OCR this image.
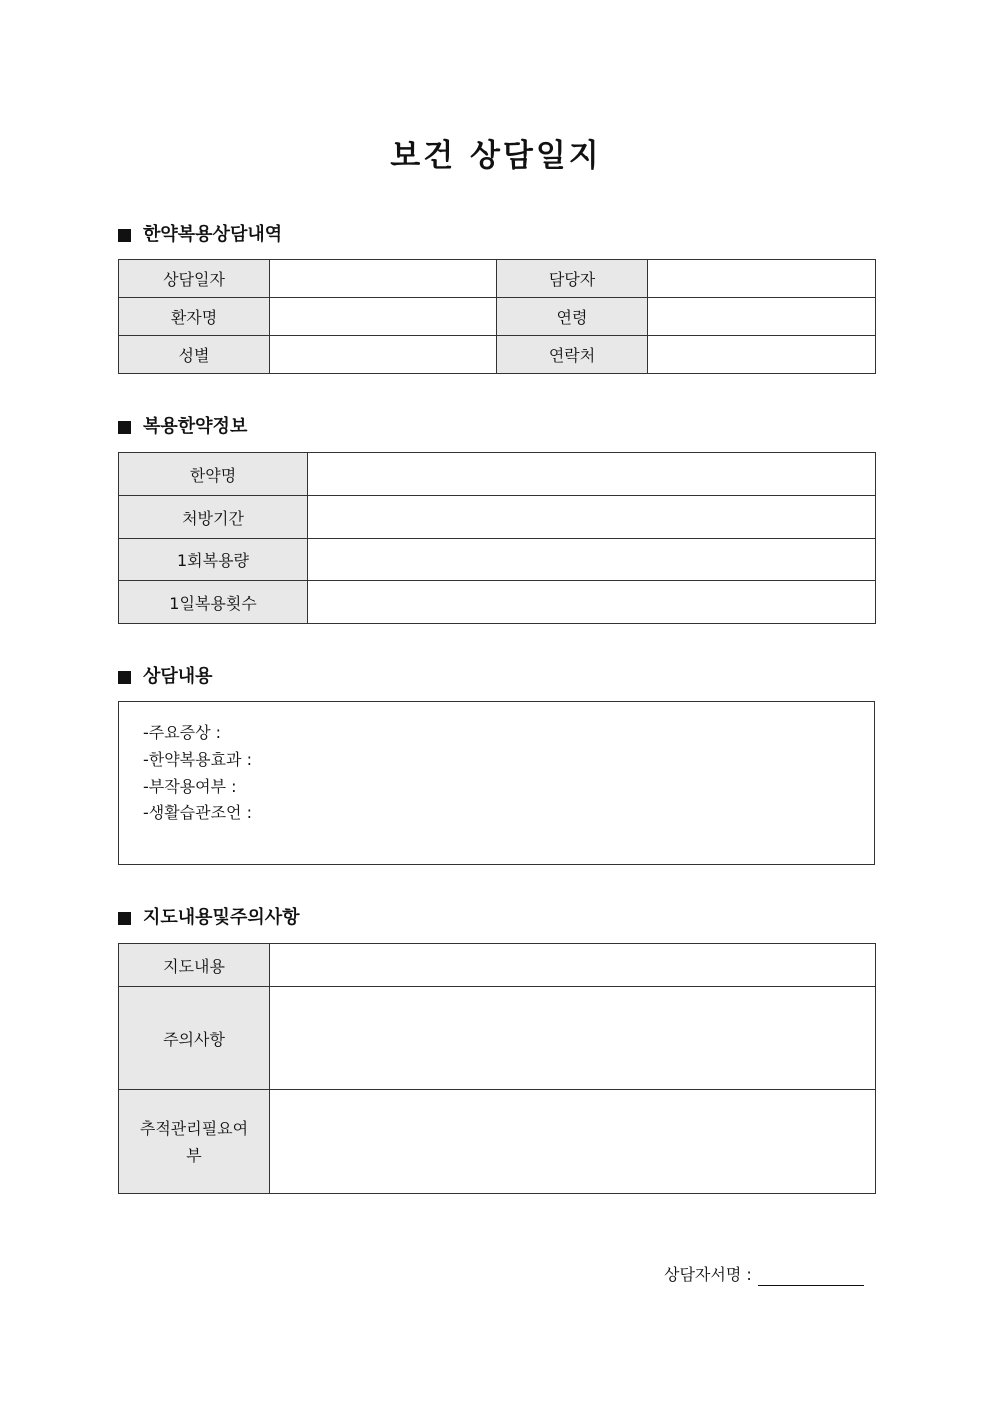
보건 상담일지
한약복용상담내역
상담일자		담당자	
환자명		연령	
성별		연락처	
복용한약정보
한약명	
처방기간	
1회복용량	
1일복용횟수	
상담내용
-주요증상 :
-한약복용효과 :
-부작용여부 :
-생활습관조언 :
지도내용및주의사항
지도내용	
주의사항	
추적관리필요여부	
상담자서명 :
